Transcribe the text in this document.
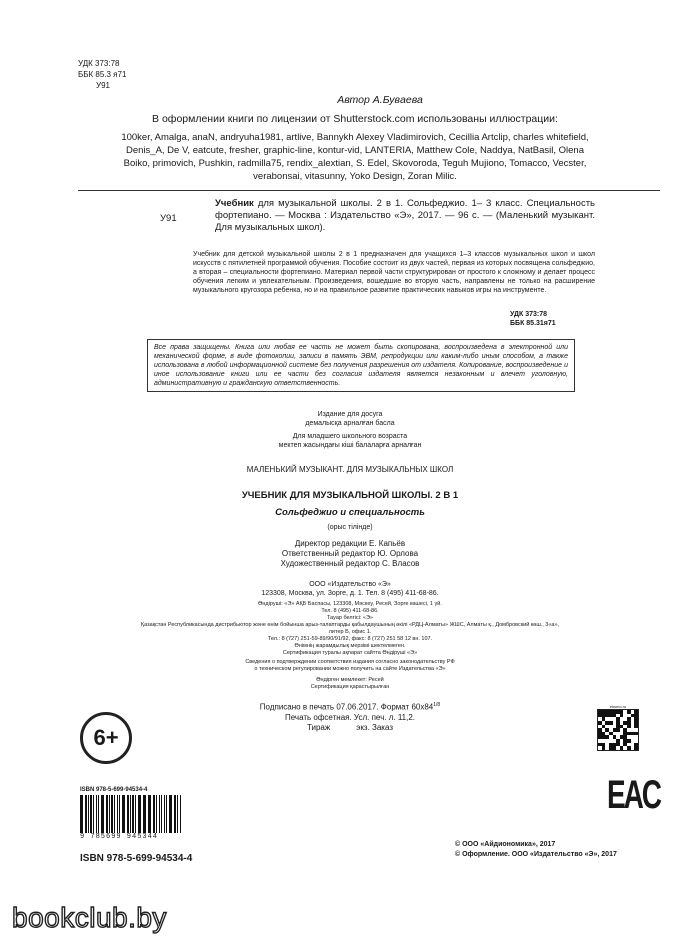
УДК 373:78
ББК 85.3 я71
У91
Автор А.Бувaeва
В оформлении книги по лицензии от Shutterstock.com использованы иллюстрации:
100ker, Amalga, anaN, andryuha1981, artlive, Bannykh Alexey Vladimirovich, Cecillia Artclip, charles whitefield, Denis_A, De V, eatcute, fresher, graphic-line, kontur-vid, LANTERIA, Matthew Cole, Naddya, NatBasil, Olena Boiko, primovich, Pushkin, radmilla75, rendix_alextian, S. Edel, Skovoroda, Teguh Mujiono, Tomacco, Vecster, verabonsai, vitasunny, Yoko Design, Zoran Milic.
У91
Учебник для музыкальной школы. 2 в 1. Сольфеджио. 1– 3 класс. Специальность фортепиано. — Москва : Издательство «Э», 2017. — 96 с. — (Маленький музыкант. Для музыкальных школ).
Учебник для детской музыкальной школы 2 в 1 предназначен для учащихся 1–3 классов музыкальных школ и школ искусств с пятилетней программой обучения. Пособие состоит из двух частей, первая из которых посвящена сольфеджио, а вторая – специальности фортепиано. Материал первой части структурирован от простого к сложному и делает процесс обучения легким и увлекательным. Произведения, вошедшие во вторую часть, направлены не только на расширение музыкального кругозора ребенка, но и на правильное развитие практических навыков игры на инструменте.
УДК 373:78
ББК 85.31я71
Все права защищены. Книга или любая ее часть не может быть скопирована, воспроизведена в электронной или механической форме, в виде фотокопии, записи в память ЭВМ, репродукции или каким-либо иным способом, а также использована в любой информационной системе без получения разрешения от издателя. Копирование, воспроизведение и иное использование книги или ее части без согласия издателя является незаконным и влечет уголовную, административную и гражданскую ответственность.
Издание для досуга
демалысқа арналған басла
Для младшего школьного возраста
мектеп жасындағы кіші балаларға арналған
МАЛЕНЬКИЙ МУЗЫКАНТ. ДЛЯ МУЗЫКАЛЬНЫХ ШКОЛ
УЧЕБНИК ДЛЯ МУЗЫКАЛЬНОЙ ШКОЛЫ. 2 В 1
Сольфеджио и специальность
(орыс тілінде)
Директор редакции Е. Капьёв
Ответственный редактор Ю. Орлова
Художественный редактор С. Власов
ООО «Издательство «Э»
123308, Москва, ул. Зорге, д. 1. Тел. 8 (495) 411-68-86.
Өндіруші: «Э» АҚБ Баспасы, 123308, Мәскеу, Ресей, Зорге көшесі, 1 үй.
Тел. 8 (495) 411-68-86.
Тауар белгісі: «Э»
Қазақстан Республикасында дистрибьютор және өнім бойынша арыз-талаптарды қабылдаушының өкілі «РДЦ-Алматы» ЖШС, Алматы қ., Домбровский көш., 3«а», литер Б, офис 1.
Тел.: 8 (727) 251-59-89/90/91/92, факс: 8 (727) 251 58 12 вн. 107.
Өнімнің жарамдылық мерзімі шектелмеген.
Сертификация туралы ақпарат сайтта Өндіруші «Э»
Сведения о подтверждении соответствия издания согласно законодательству РФ
о техническом регулировании можно получить на сайте Издательства «Э»
Өндірген мемлекет: Ресей
Сертификация қарастырылған
Подписано в печать 07.06.2017. Формат $60x84^{1/8}$
Печать офсетная. Усл. печ. л. 11,2.
Тираж	экз. Заказ
6+
eksmo.ru
EAC
ISBN 978-5-699-94534-4
9 785699 945344
ISBN 978-5-699-94534-4
© ООО «Айдиономика», 2017
© Оформление. ООО «Издательство «Э», 2017
bookclub.by
